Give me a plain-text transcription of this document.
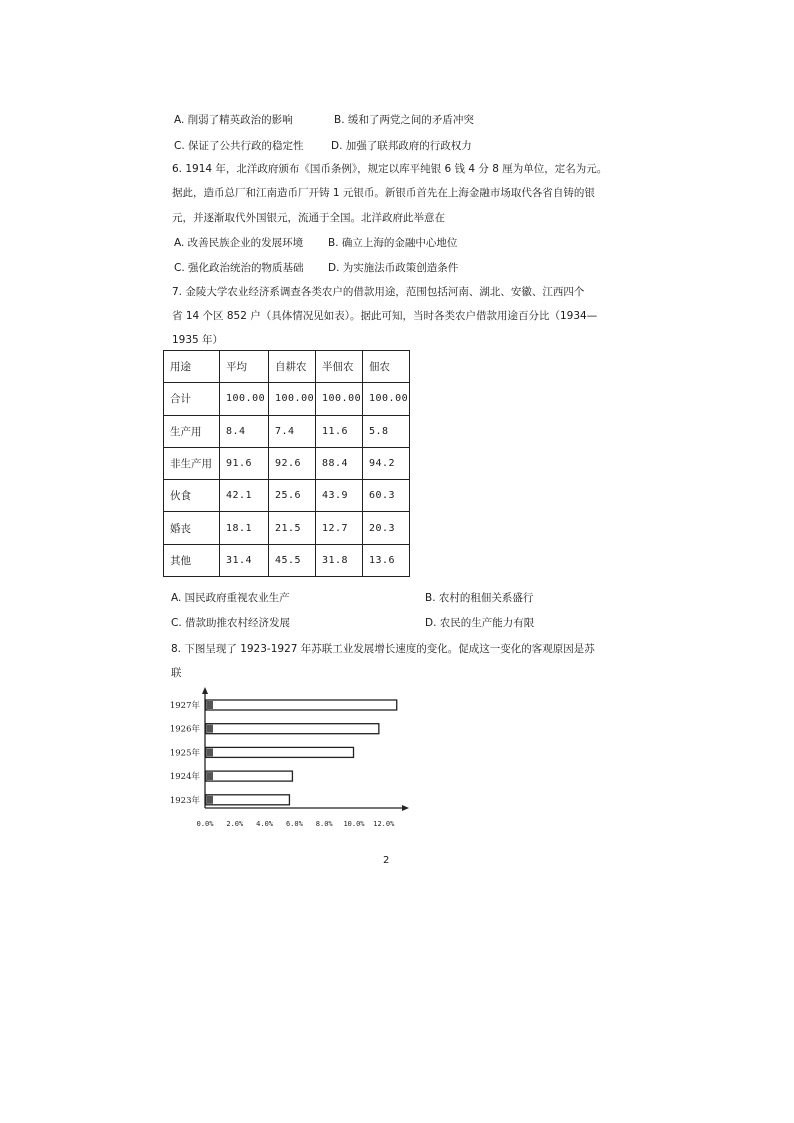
A. 削弱了精英政治的影响	B. 缓和了两党之间的矛盾冲突
C. 保证了公共行政的稳定性	D. 加强了联邦政府的行政权力
6. 1914 年，北洋政府颁布《国币条例》，规定以库平纯银 6 钱 4 分 8 厘为单位，定名为元。
据此，造币总厂和江南造币厂开铸 1 元银币。新银币首先在上海金融市场取代各省自铸的银
元，并逐渐取代外国银元，流通于全国。北洋政府此举意在
A. 改善民族企业的发展环境 B. 确立上海的金融中心地位
C. 强化政治统治的物质基础 D. 为实施法币政策创造条件
7. 金陵大学农业经济系调查各类农户的借款用途，范围包括河南、湖北、安徽、江西四个
省 14 个区 852 户（具体情况见如表）。据此可知，当时各类农户借款用途百分比（1934—
1935 年）
用途	平均	自耕农	半佃农	佃农
合计	100.00	100.00	100.00	100.00
生产用	8.4	7.4	11.6	5.8
非生产用	91.6	92.6	88.4	94.2
伙食	42.1	25.6	43.9	60.3
婚丧	18.1	21.5	12.7	20.3
其他	31.4	45.5	31.8	13.6
A. 国民政府重视农业生产	B. 农村的租佃关系盛行
C. 借款助推农村经济发展	D. 农民的生产能力有限
8. 下图呈现了 1923-1927 年苏联工业发展增长速度的变化。促成这一变化的客观原因是苏
联
1927年
1926年
1925年
1924年
1923年
0.0% 2.0% 4.0% 6.0% 8.0% 10.0% 12.0%
2
